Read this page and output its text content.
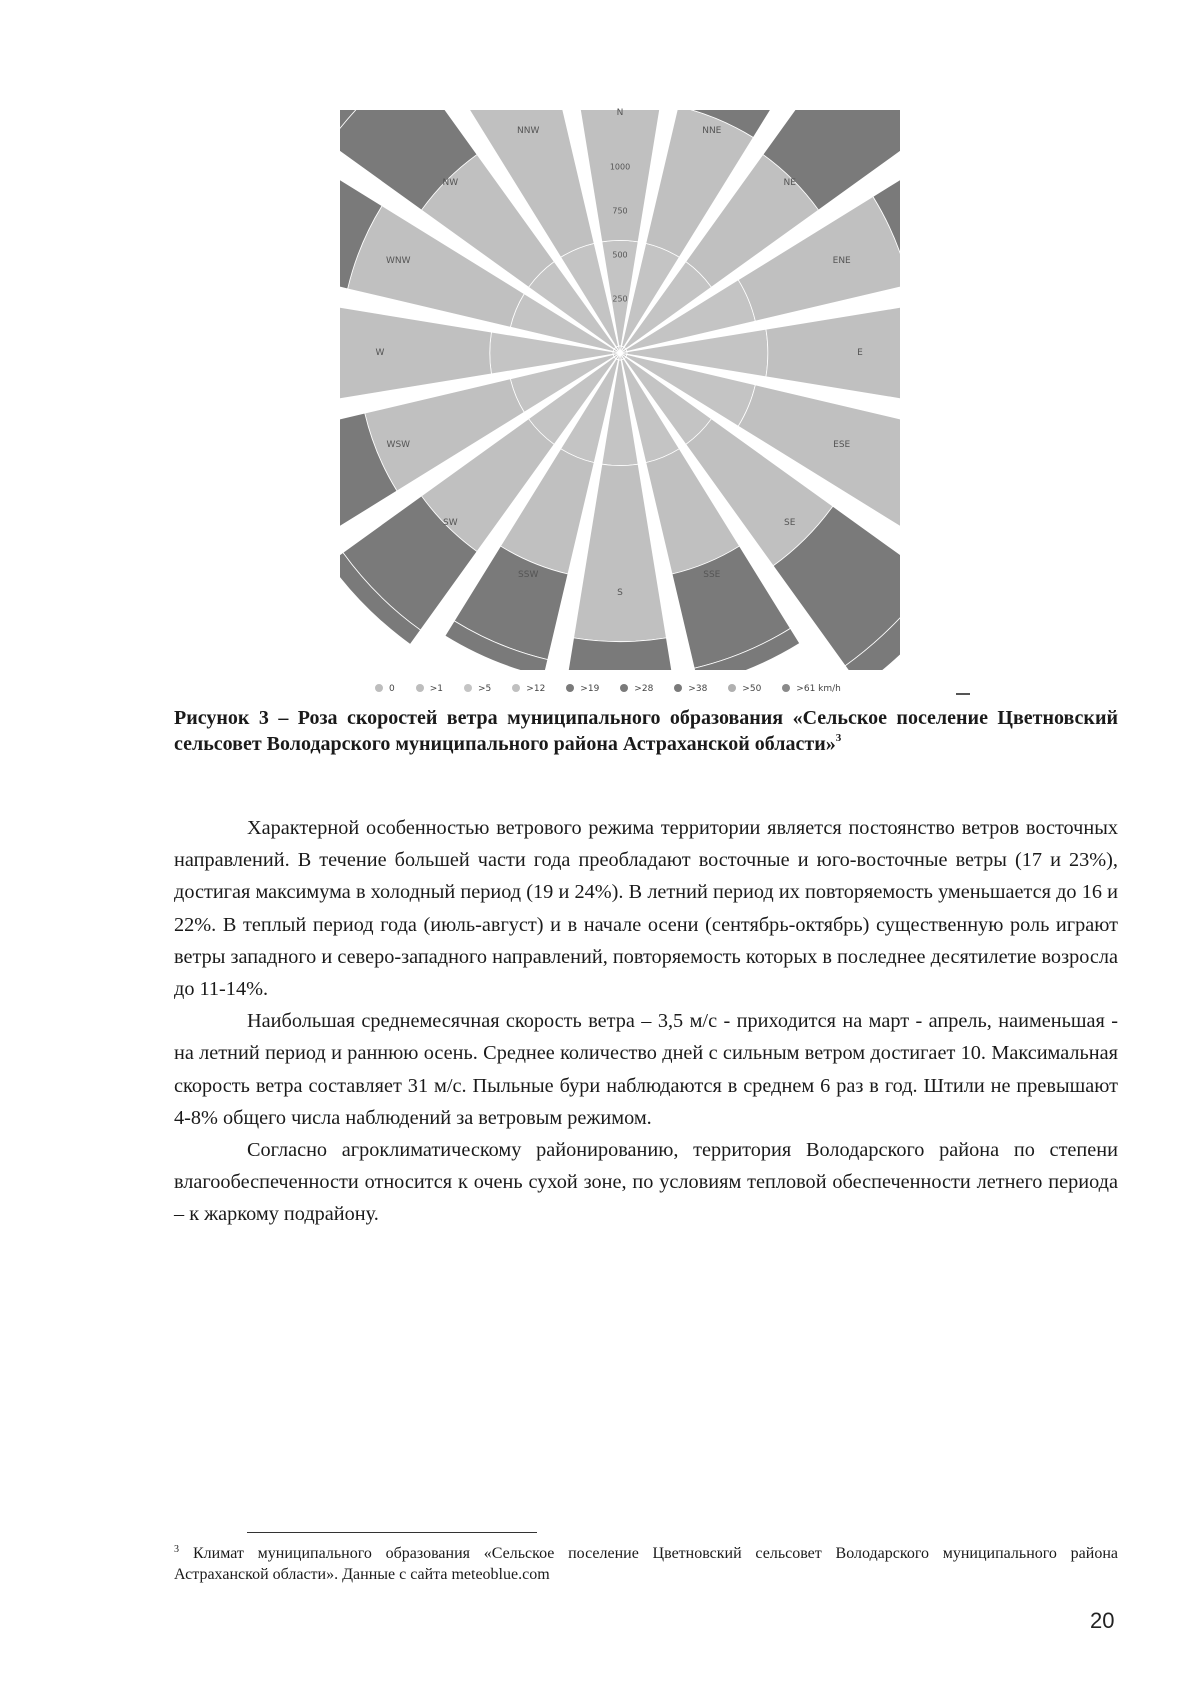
250
500
750
1000
N
NNE
NE
ENE
E
ESE
SE
SSE
S
SSW
SW
WSW
W
WNW
NW
NNW
0	>1	>5	>12	>19	>28	>38	>50	>61 km/h
Рисунок 3 – Роза скоростей ветра муниципального образования «Сельское поселение Цветновский сельсовет Володарского муниципального района Астраханской области»$^3$

Характерной особенностью ветрового режима территории является постоянство ветров восточных направлений. В течение большей части года преобладают восточные и юго-восточные ветры (17 и 23%), достигая максимума в холодный период (19 и 24%). В летний период их повторяемость уменьшается до 16 и 22%. В теплый период года (июль-август) и в начале осени (сентябрь-октябрь) существенную роль играют ветры западного и северо-западного направлений, повторяемость которых в последнее десятилетие возросла до 11-14%.

Наибольшая среднемесячная скорость ветра – 3,5 м/с - приходится на март - апрель, наименьшая - на летний период и раннюю осень. Среднее количество дней с сильным ветром достигает 10. Максимальная скорость ветра составляет 31 м/с. Пыльные бури наблюдаются в среднем 6 раз в год. Штили не превышают 4-8% общего числа наблюдений за ветровым режимом.

Согласно агроклиматическому районированию, территория Володарского района по степени влагообеспеченности относится к очень сухой зоне, по условиям тепловой обеспеченности летнего периода – к жаркому подрайону.

$^3$ Климат муниципального образования «Сельское поселение Цветновский сельсовет Володарского муниципального района Астраханской области». Данные с сайта meteoblue.com
20
